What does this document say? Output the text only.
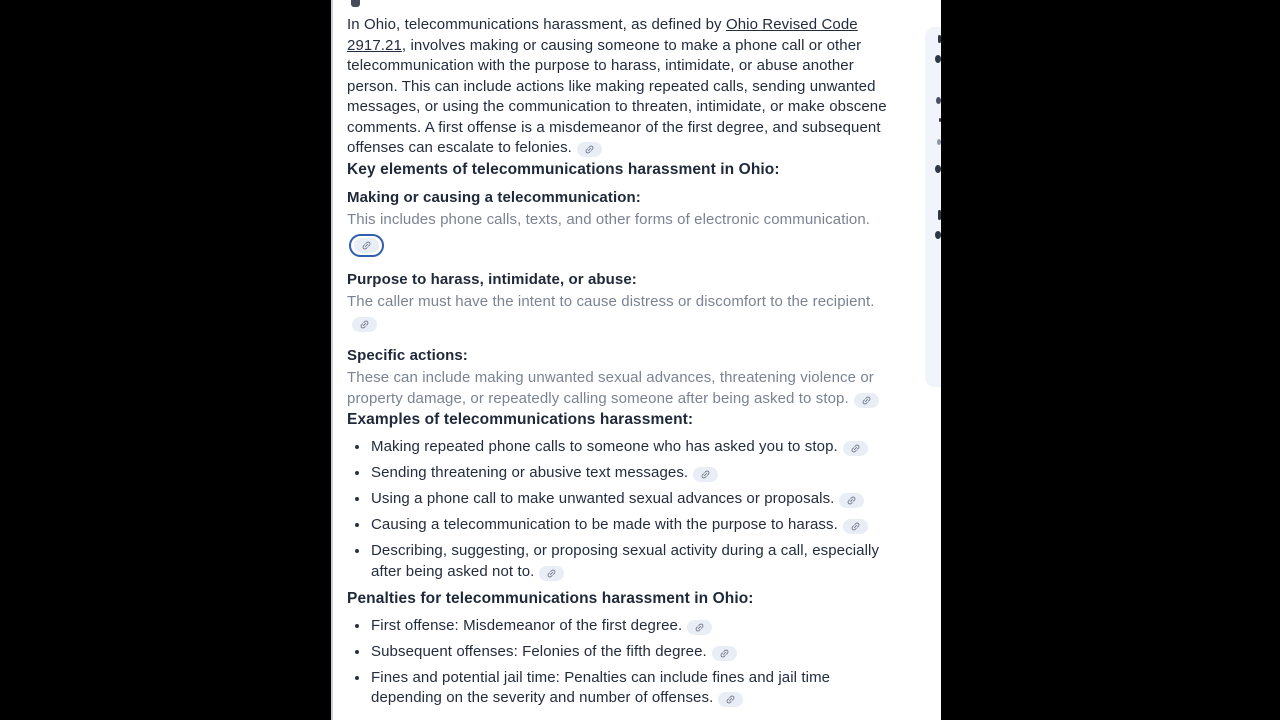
In Ohio, telecommunications harassment, as defined by Ohio Revised Code 2917.21, involves making or causing someone to make a phone call or other telecommunication with the purpose to harass, intimidate, or abuse another person. This can include actions like making repeated calls, sending unwanted messages, or using the communication to threaten, intimidate, or make obscene comments. A first offense is a misdemeanor of the first degree, and subsequent offenses can escalate to felonies.

Key elements of telecommunications harassment in Ohio:
Making or causing a telecommunication:
This includes phone calls, texts, and other forms of electronic communication.
Purpose to harass, intimidate, or abuse:
The caller must have the intent to cause distress or discomfort to the recipient.
Specific actions:
These can include making unwanted sexual advances, threatening violence or property damage, or repeatedly calling someone after being asked to stop.
Examples of telecommunications harassment:
Making repeated phone calls to someone who has asked you to stop.
Sending threatening or abusive text messages.
Using a phone call to make unwanted sexual advances or proposals.
Causing a telecommunication to be made with the purpose to harass.
Describing, suggesting, or proposing sexual activity during a call, especially after being asked not to.
Penalties for telecommunications harassment in Ohio:
First offense: Misdemeanor of the first degree.
Subsequent offenses: Felonies of the fifth degree.
Fines and potential jail time: Penalties can include fines and jail time depending on the severity and number of offenses.
